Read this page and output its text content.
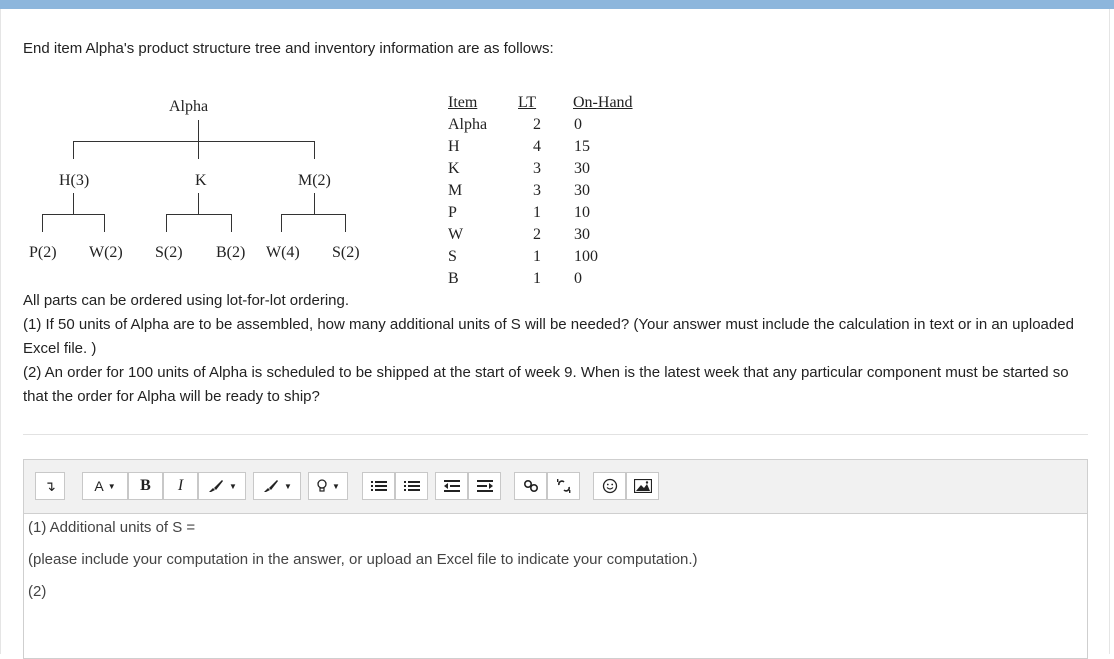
End item Alpha's product structure tree and inventory information are as follows:
Alpha
H(3)	K	M(2)
P(2) W(2) S(2) B(2) W(4) S(2)
Item	LT On-Hand
Alpha	2	0
H	4	15
K	3	30
M	3	30
P	1	10
W	2	30
S	1	100
B	1	0
All parts can be ordered using lot-for-lot ordering.
(1) If 50 units of Alpha are to be assembled, how many additional units of S will be needed? (Your answer must include the calculation in text or in an uploaded Excel file. )
(2) An order for 100 units of Alpha is scheduled to be shipped at the start of week 9. When is the latest week that any particular component must be started so that the order for Alpha will be ready to ship?
↴	A ▼ B I	▼	▼	▼
(1) Additional units of S =
(please include your computation in the answer, or upload an Excel file to indicate your computation.)
(2)
